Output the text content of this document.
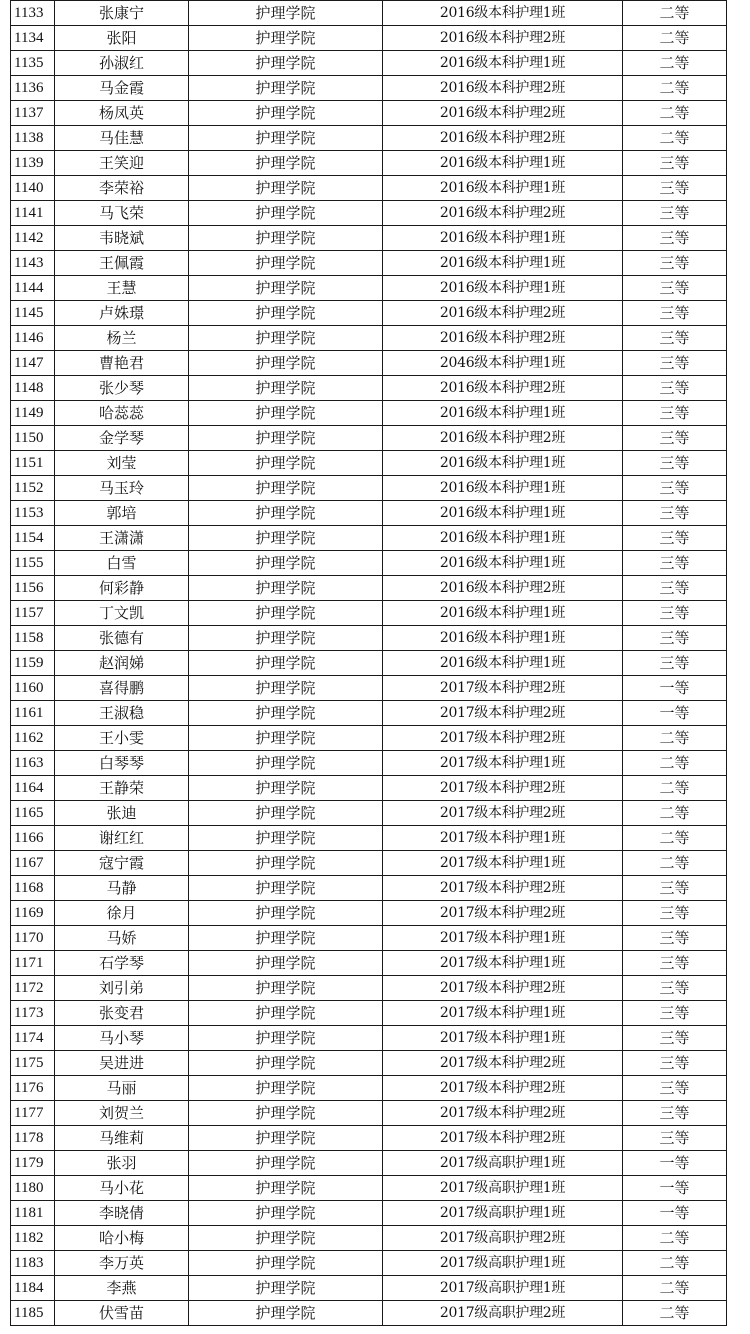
1133	张康宁	护理学院	2016级本科护理1班	二等
1134	张阳	护理学院	2016级本科护理2班	二等
1135	孙淑红	护理学院	2016级本科护理1班	二等
1136	马金霞	护理学院	2016级本科护理2班	二等
1137	杨凤英	护理学院	2016级本科护理2班	二等
1138	马佳慧	护理学院	2016级本科护理2班	二等
1139	王笑迎	护理学院	2016级本科护理1班	三等
1140	李荣裕	护理学院	2016级本科护理1班	三等
1141	马飞荣	护理学院	2016级本科护理2班	三等
1142	韦晓斌	护理学院	2016级本科护理1班	三等
1143	王佩霞	护理学院	2016级本科护理1班	三等
1144	王慧	护理学院	2016级本科护理1班	三等
1145	卢姝璟	护理学院	2016级本科护理2班	三等
1146	杨兰	护理学院	2016级本科护理2班	三等
1147	曹艳君	护理学院	2046级本科护理1班	三等
1148	张少琴	护理学院	2016级本科护理2班	三等
1149	哈蕊蕊	护理学院	2016级本科护理1班	三等
1150	金学琴	护理学院	2016级本科护理2班	三等
1151	刘莹	护理学院	2016级本科护理1班	三等
1152	马玉玲	护理学院	2016级本科护理1班	三等
1153	郭培	护理学院	2016级本科护理1班	三等
1154	王潇潇	护理学院	2016级本科护理1班	三等
1155	白雪	护理学院	2016级本科护理1班	三等
1156	何彩静	护理学院	2016级本科护理2班	三等
1157	丁文凯	护理学院	2016级本科护理1班	三等
1158	张德有	护理学院	2016级本科护理1班	三等
1159	赵润娣	护理学院	2016级本科护理1班	三等
1160	喜得鹏	护理学院	2017级本科护理2班	一等
1161	王淑稳	护理学院	2017级本科护理2班	一等
1162	王小雯	护理学院	2017级本科护理2班	二等
1163	白琴琴	护理学院	2017级本科护理1班	二等
1164	王静荣	护理学院	2017级本科护理2班	二等
1165	张迪	护理学院	2017级本科护理2班	二等
1166	谢红红	护理学院	2017级本科护理1班	二等
1167	寇宁霞	护理学院	2017级本科护理1班	二等
1168	马静	护理学院	2017级本科护理2班	三等
1169	徐月	护理学院	2017级本科护理2班	三等
1170	马娇	护理学院	2017级本科护理1班	三等
1171	石学琴	护理学院	2017级本科护理1班	三等
1172	刘引弟	护理学院	2017级本科护理2班	三等
1173	张变君	护理学院	2017级本科护理1班	三等
1174	马小琴	护理学院	2017级本科护理1班	三等
1175	吴进进	护理学院	2017级本科护理2班	三等
1176	马丽	护理学院	2017级本科护理2班	三等
1177	刘贺兰	护理学院	2017级本科护理2班	三等
1178	马维莉	护理学院	2017级本科护理2班	三等
1179	张羽	护理学院	2017级高职护理1班	一等
1180	马小花	护理学院	2017级高职护理1班	一等
1181	李晓倩	护理学院	2017级高职护理1班	一等
1182	哈小梅	护理学院	2017级高职护理2班	二等
1183	李万英	护理学院	2017级高职护理1班	二等
1184	李燕	护理学院	2017级高职护理1班	二等
1185	伏雪苗	护理学院	2017级高职护理2班	二等
